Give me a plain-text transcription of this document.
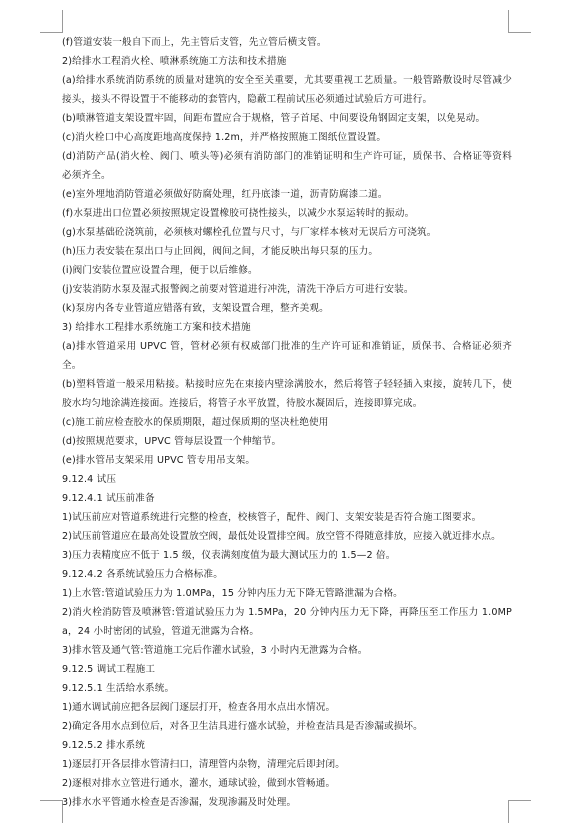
(f)管道安装一般自下而上，先主管后支管，先立管后横支管。

2)给排水工程消火栓、喷淋系统施工方法和技术措施

(a)给排水系统消防系统的质量对建筑的安全至关重要，尤其要重视工艺质量。一般管路敷设时尽管减少接头，接头不得设置于不能移动的套管内，隐蔽工程前试压必须通过试验后方可进行。

(b)喷淋管道支架设置牢固，间距布置应合于规格，管子首尾、中间要设角钢固定支架，以免晃动。

(c)消火栓口中心高度距地高度保持 1.2m，并严格按照施工图纸位置设置。

(d)消防产品(消火栓、阀门、喷头等)必须有消防部门的准销证明和生产许可证，质保书、合格证等资料必须齐全。

(e)室外埋地消防管道必须做好防腐处理，红丹底漆一道，沥青防腐漆二道。

(f)水泵进出口位置必须按照规定设置橡胶可挠性接头，以减少水泵运转时的振动。

(g)水泵基础砼浇筑前，必须核对螺栓孔位置与尺寸，与厂家样本核对无误后方可浇筑。

(h)压力表安装在泵出口与止回阀，阀间之间，才能反映出每只泵的压力。

(i)阀门安装位置应设置合理，便于以后维修。

(j)安装消防水泵及湿式报警阀之前要对管道进行冲洗，清洗干净后方可进行安装。

(k)泵房内各专业管道应错落有致，支架设置合理，整齐美观。

3) 给排水工程排水系统施工方案和技术措施

(a)排水管道采用 UPVC 管，管材必须有权威部门批准的生产许可证和准销证，质保书、合格证必须齐全。

(b)塑料管道一般采用粘接。粘接时应先在束接内壁涂满胶水，然后将管子轻轻插入束接，旋转几下，使胶水均匀地涂满连接面。连接后，将管子水平放置，待胶水凝固后，连接即算完成。

(c)施工前应检查胶水的保质期限，超过保质期的坚决杜绝使用

(d)按照规范要求，UPVC 管每层设置一个伸缩节。

(e)排水管吊支架采用 UPVC 管专用吊支架。

9.12.4 试压

9.12.4.1 试压前准备

1)试压前应对管道系统进行完整的检查，校核管子，配件、阀门、支架安装是否符合施工图要求。

2)试压前管道应在最高处设置放空阀，最低处设置排空阀。放空管不得随意排放，应接入就近排水点。

3)压力表精度应不低于 1.5 级，仪表满刻度值为最大测试压力的 1.5—2 倍。

9.12.4.2 各系统试验压力合格标准。

1)上水管:管道试验压力为 1.0MPa，15 分钟内压力无下降无管路泄漏为合格。

2)消火栓消防管及喷淋管:管道试验压力为 1.5MPa，20 分钟内压力无下降，再降压至工作压力 1.0MPa，24 小时密闭的试验，管道无泄露为合格。

3)排水管及通气管:管道施工完后作灌水试验，3 小时内无泄露为合格。

9.12.5 调试工程施工

9.12.5.1 生活给水系统。

1)通水调试前应把各层阀门逐层打开，检查各用水点出水情况。

2)确定各用水点到位后，对各卫生洁具进行盛水试验，并检查洁具是否渗漏或损坏。

9.12.5.2 排水系统

1)逐层打开各层排水管清扫口，清理管内杂物，清理完后即封闭。

2)逐根对排水立管进行通水，灌水，通球试验，做到水管畅通。

3)排水水平管通水检查是否渗漏，发现渗漏及时处理。
